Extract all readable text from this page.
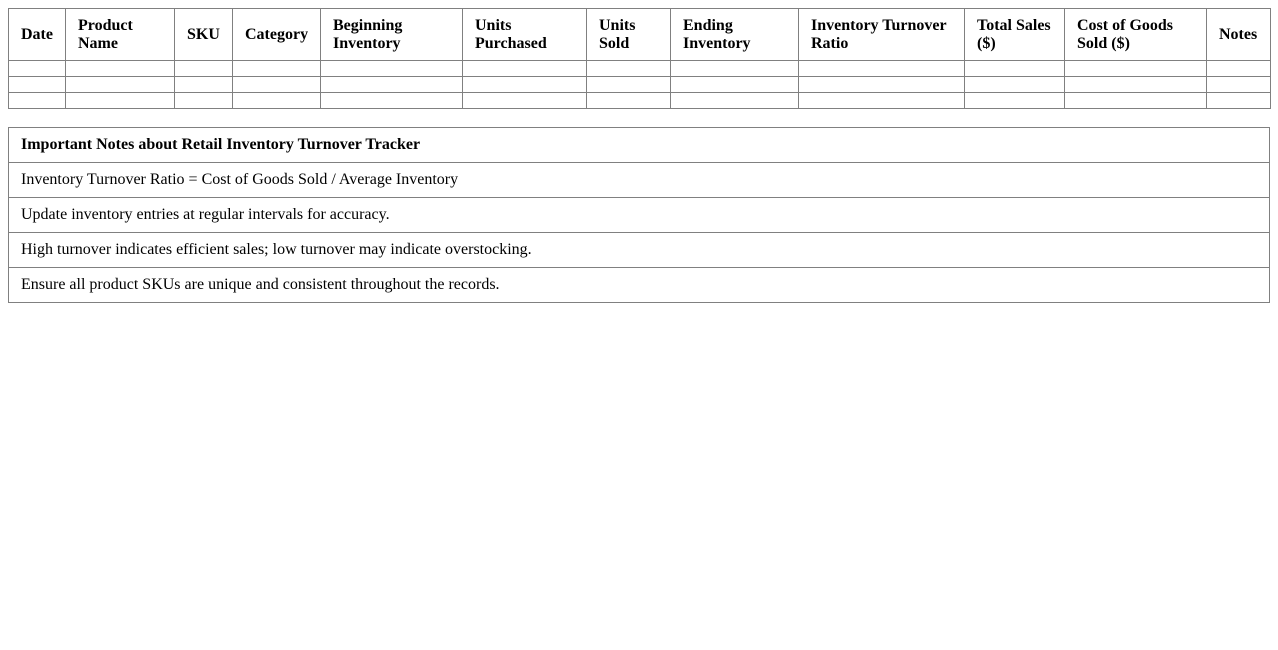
Date	Product Name	SKU	Category	Beginning Inventory	Units Purchased	Units Sold	Ending Inventory	Inventory Turnover Ratio	Total Sales ($)	Cost of Goods Sold ($)	Notes

Important Notes about Retail Inventory Turnover Tracker
Inventory Turnover Ratio = Cost of Goods Sold / Average Inventory
Update inventory entries at regular intervals for accuracy.
High turnover indicates efficient sales; low turnover may indicate overstocking.
Ensure all product SKUs are unique and consistent throughout the records.
